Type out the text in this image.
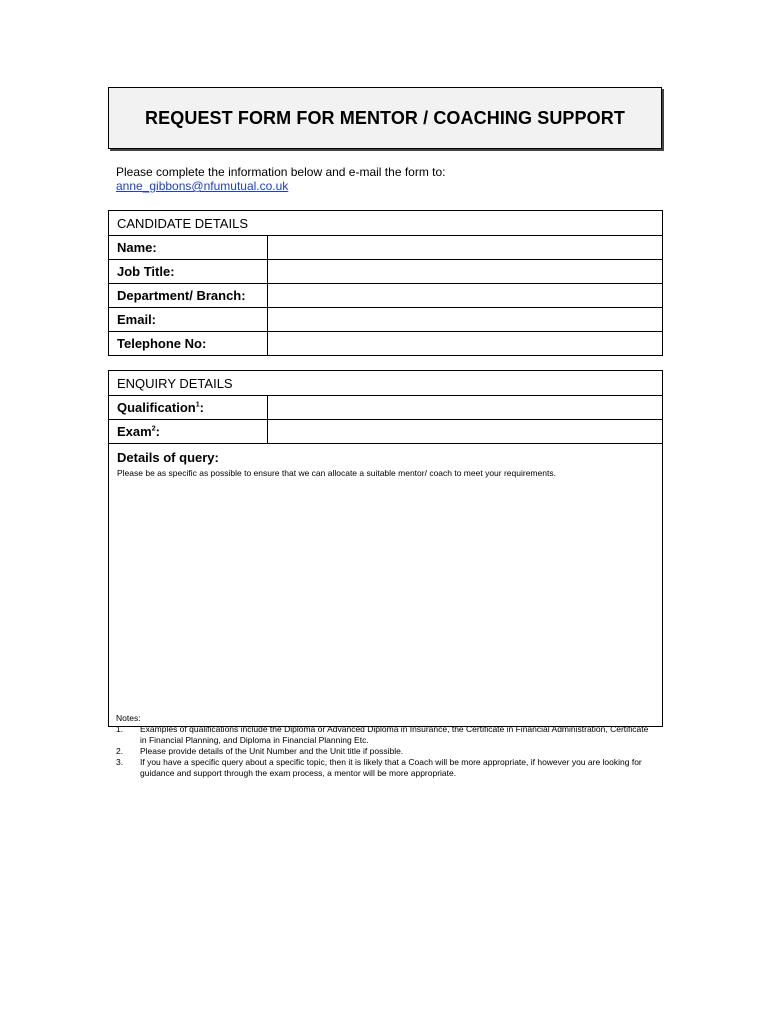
REQUEST FORM FOR MENTOR / COACHING SUPPORT
Please complete the information below and e-mail the form to:
anne_gibbons@nfumutual.co.uk
CANDIDATE DETAILS	
Name:	
Job Title:	
Department/ Branch:	
Email:	
Telephone No:	
ENQUIRY DETAILS	
Qualification$^1$:	
Exam$^2$:	

Details of query:
Please be as specific as possible to ensure that we can allocate a suitable mentor/ coach to meet your requirements.	
Notes:
1.	Examples of qualifications include the Diploma or Advanced Diploma in Insurance, the Certificate in Financial Administration, Certificate in Financial Planning, and Diploma in Financial Planning Etc.
2.	Please provide details of the Unit Number and the Unit title if possible.
3.	If you have a specific query about a specific topic, then it is likely that a Coach will be more appropriate, if however you are looking for guidance and support through the exam process, a mentor will be more appropriate.
